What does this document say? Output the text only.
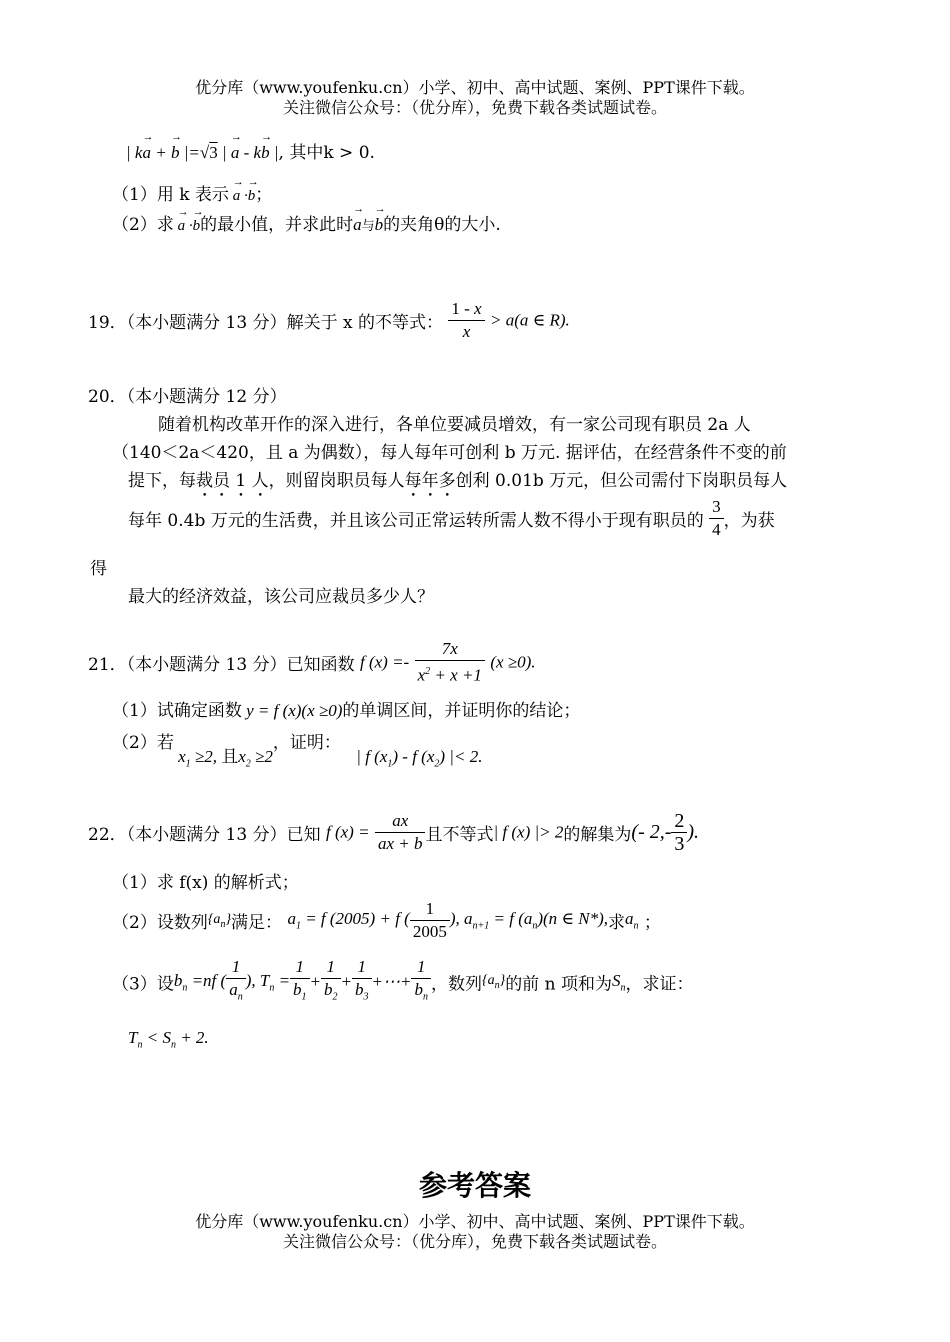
优分库（www.youfenku.cn）小学、初中、高中试题、案例、PPT课件下载。
关注微信公众号：（优分库），免费下载各类试题试卷。
| k→ a + → b |=√3 | → a - k→ b |, 其中k > 0.
（1）用 k 表示 → a ·→ b；
（2）求 → a ·→ b的最小值，并求此时→ a与→ b的夹角θ的大小.
19．（本小题满分 13 分）解关于 x 的不等式： $\frac{1 - x}{x} > a(a$ ∈ R).
20．（本小题满分 12 分）
随着机构改革开作的深入进行，各单位要减员增效，有一家公司现有职员 2a 人
（140＜2a＜420，且 a 为偶数），每人每年可创利 b 万元. 据评估，在经营条件不变的前
提下，每裁员 1 人，则留岗职员每人每年多创利 0.01b 万元，但公司需付下岗职员每人
每年 0.4b 万元的生活费，并且该公司正常运转所需人数不得小于现有职员的 $\frac{3}{4}$ ，为获
得
最大的经济效益，该公司应裁员多少人？
21．（本小题满分 13 分）已知函数 f $(x) =- \frac{7x}{x^2 + x +1} (x \ge 0)$.
（1）试确定函数 y = f (x)(x ≥0)的单调区间，并证明你的结论；
（2）若 $x_1 \ge 2$, 且$x_2 \ge 2$，证明： | f $(x_1)$ - f $(x_2)$ |< 2.
22．（本小题满分 13 分）已知 f $(x) = \frac{ax}{ax + b}$ 且不等式| f (x) |> 2的解集为(- $2,- \frac{2}{3}$ ).
（1）求 f(x) 的解析式；
（2）设数列$\{a_n\}$满足： $a_1 = f$ (2005) + f ( $\frac{1}{2005}$ ), $a_{n+1} = f$ $(a_n)(n$ ∈ N*),求$a_n$ ；
（3）设$b_n =nf$ ( $\frac{1}{a_n}$ ), $T_n = \frac{1}{b_1} + \frac{1}{b_2} + \frac{1}{b_3}$ +⋯+ $\frac{1}{b_n}$ ，数列$\{a_n\}$的前 n 项和为$S_n$，求证：
$T_n < S_n + 2$.
参考答案
优分库（www.youfenku.cn）小学、初中、高中试题、案例、PPT课件下载。
关注微信公众号：（优分库），免费下载各类试题试卷。
